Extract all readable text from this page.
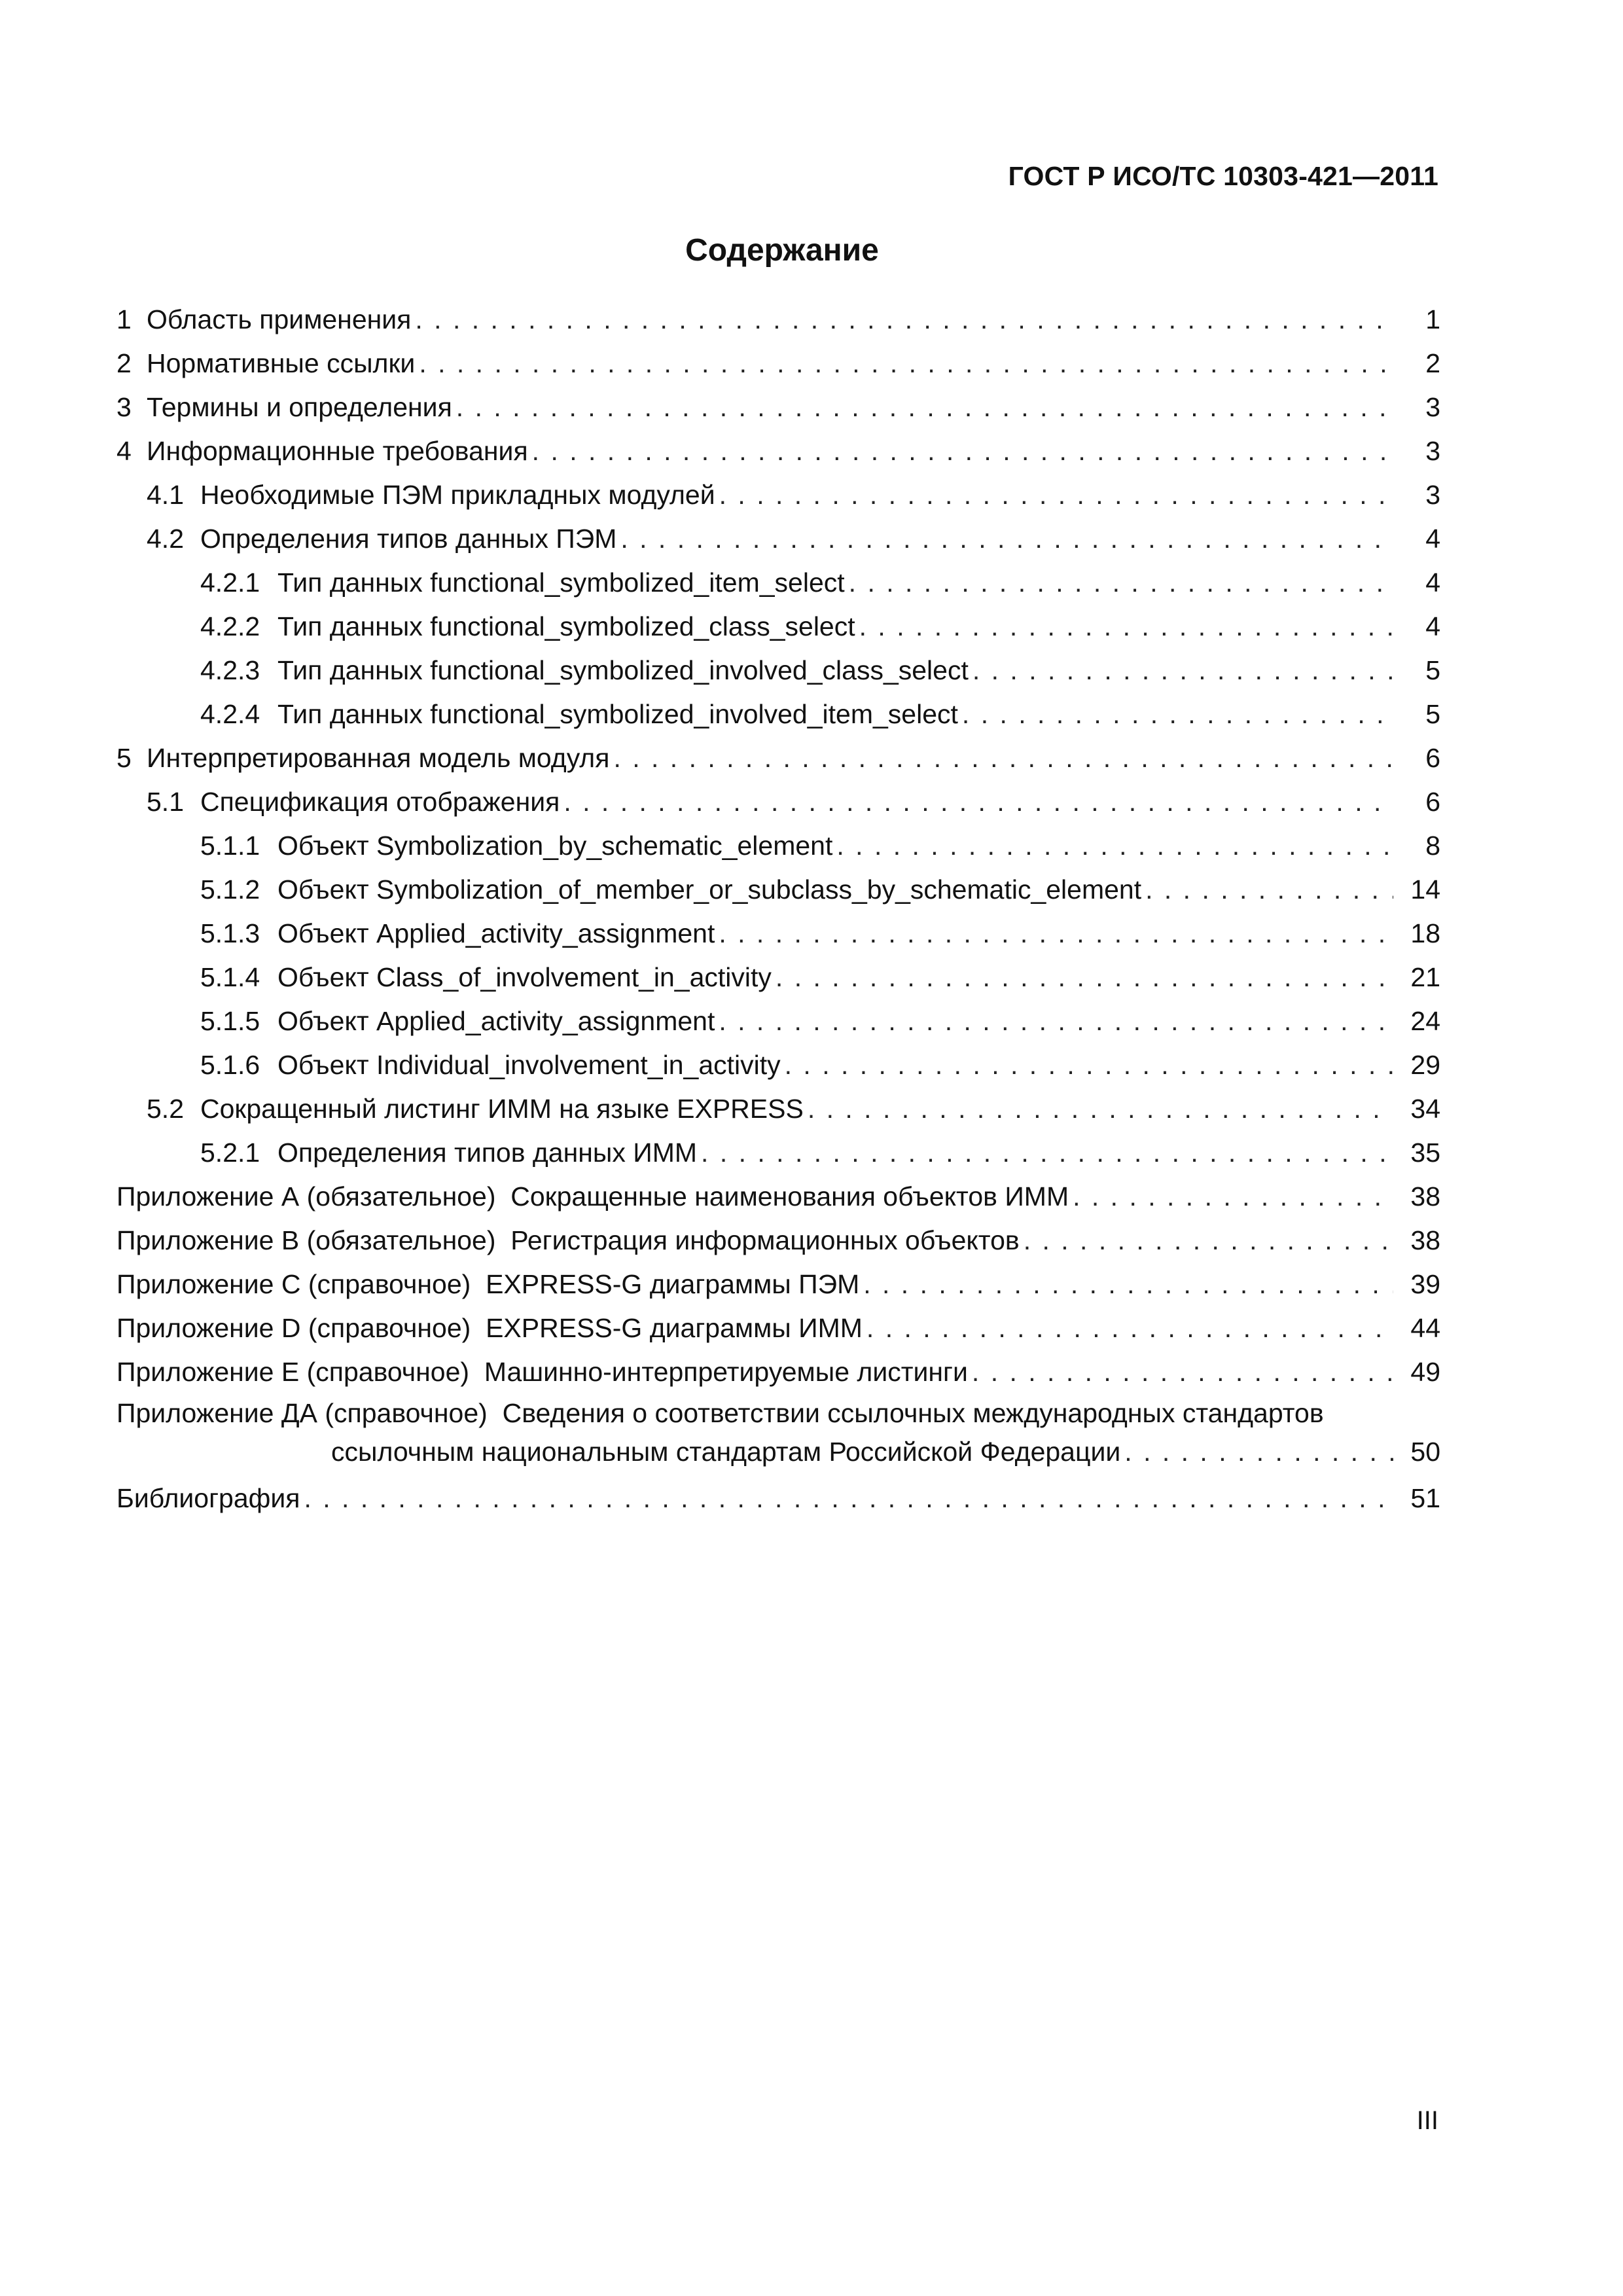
ГОСТ Р ИСО/ТС 10303-421—2011
Содержание
1 Область применения . . .	1
2 Нормативные ссылки . . .	2
3 Термины и определения . . .	3
4 Информационные требования . . .	3
4.1 Необходимые ПЭМ прикладных модулей . . .	3
4.2 Определения типов данных ПЭМ . . .	4
4.2.1 Тип данных functional_symbolized_item_select . . .	4
4.2.2 Тип данных functional_symbolized_class_select . . .	4
4.2.3 Тип данных functional_symbolized_involved_class_select . . .	5
4.2.4 Тип данных functional_symbolized_involved_item_select . . .	5
5 Интерпретированная модель модуля . . .	6
5.1 Спецификация отображения . . .	6
5.1.1 Объект Symbolization_by_schematic_element . . .	8
5.1.2 Объект Symbolization_of_member_or_subclass_by_schematic_element . . .	14
5.1.3 Объект Applied_activity_assignment . . .	18
5.1.4 Объект Class_of_involvement_in_activity . . .	21
5.1.5 Объект Applied_activity_assignment . . .	24
5.1.6 Объект Individual_involvement_in_activity . . .	29
5.2 Сокращенный листинг ИММ на языке EXPRESS . . .	34
5.2.1 Определения типов данных ИММ . . .	35
Приложение А (обязательное)  Сокращенные наименования объектов ИММ . . .	38
Приложение В (обязательное)  Регистрация информационных объектов . . .	38
Приложение С (справочное)  EXPRESS-G диаграммы ПЭМ . . .	39
Приложение D (справочное)  EXPRESS-G диаграммы ИММ . . .	44
Приложение Е (справочное)  Машинно-интерпретируемые листинги . . .	49
Приложение ДА (справочное)  Сведения о соответствии ссылочных международных стандартов
ссылочным национальным стандартам Российской Федерации . . .	50
Библиография . . .	51
III
